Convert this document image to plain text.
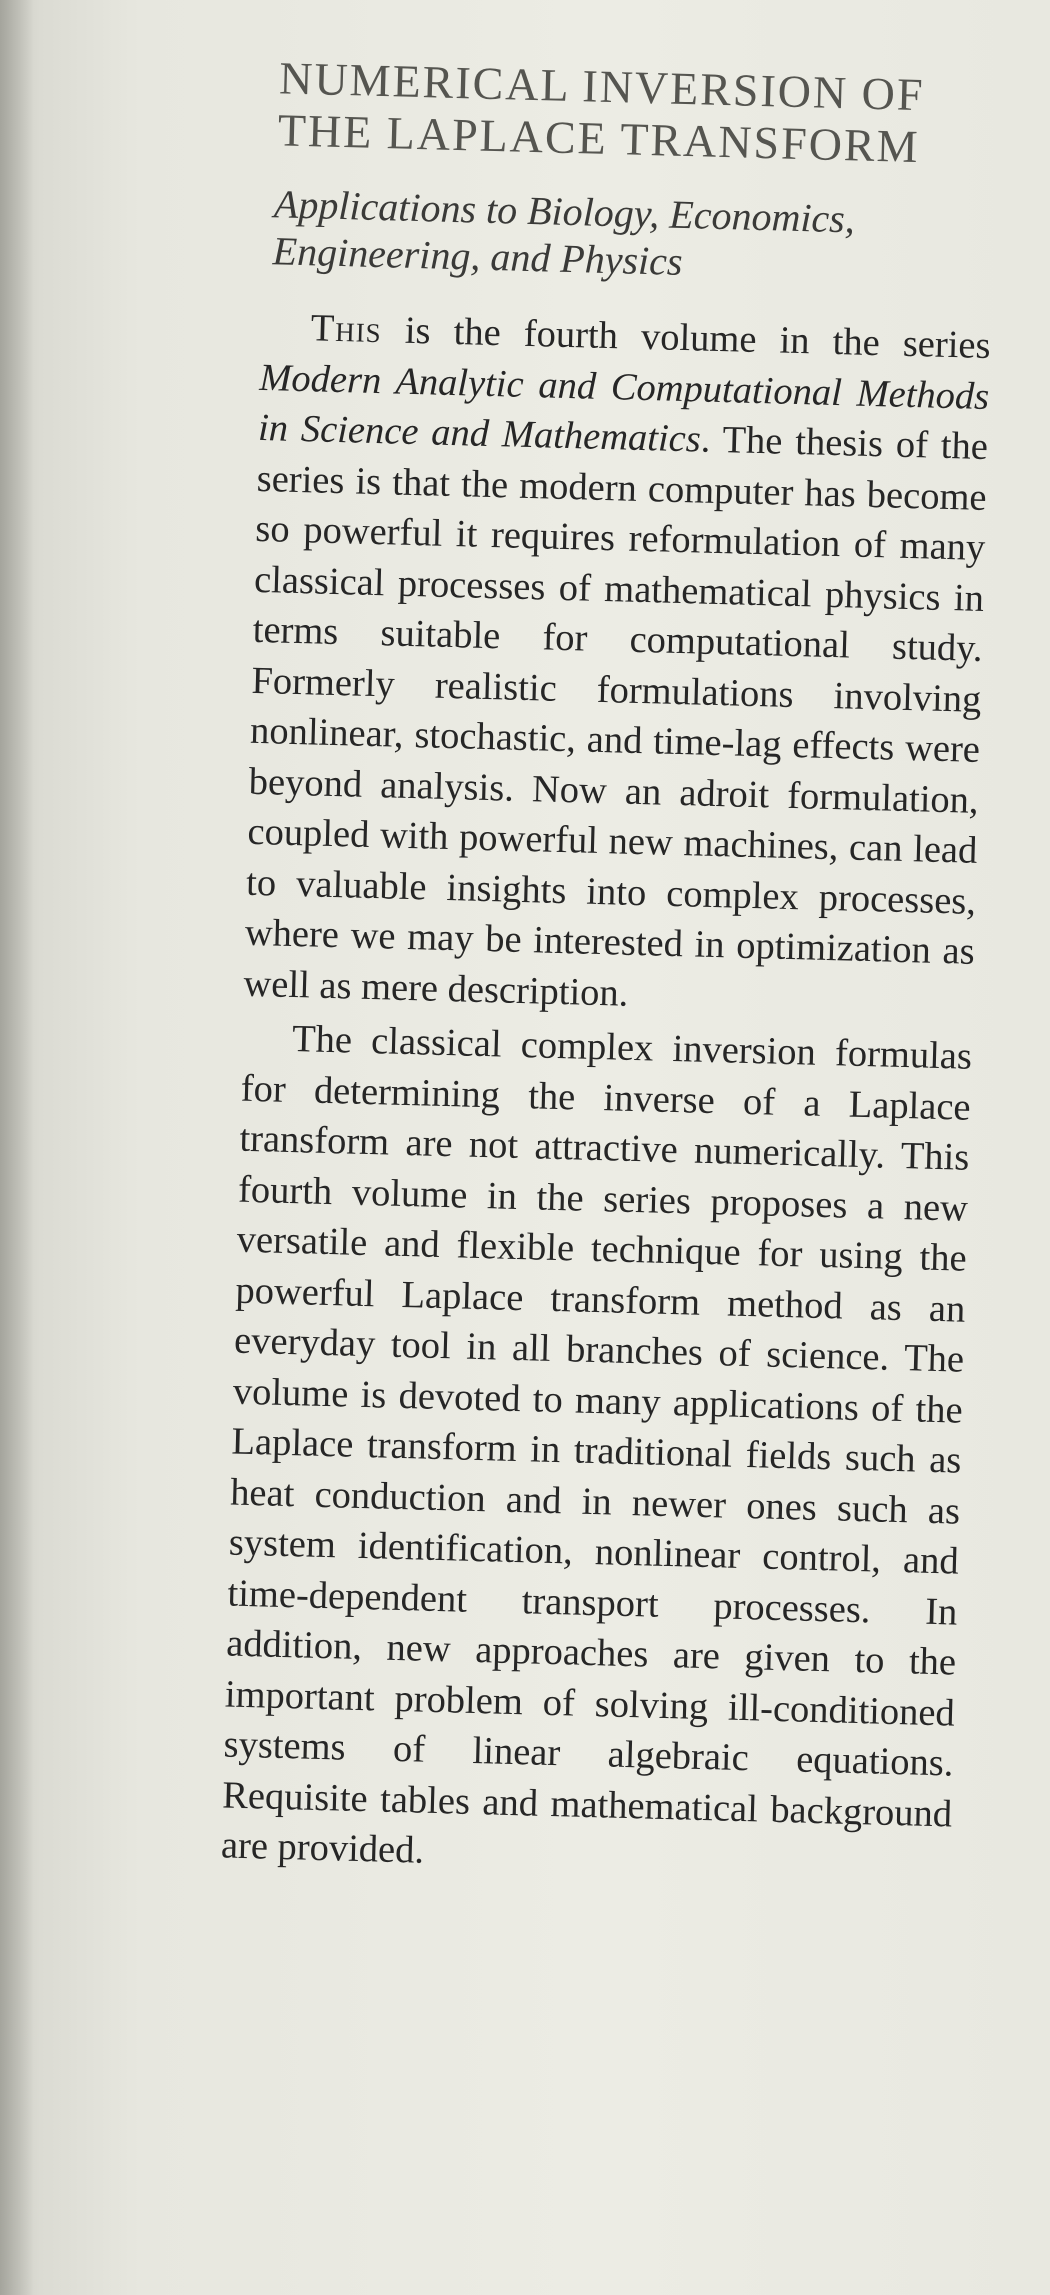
NUMERICAL INVERSION OF
THE LAPLACE TRANSFORM
Applications to Biology, Economics,
Engineering, and Physics

This is the fourth volume in the series Modern Analytic and Computational Methods in Science and Mathematics. The thesis of the series is that the modern computer has become so powerful it requires reformulation of many classical processes of mathematical physics in terms suitable for computational study. Formerly realistic formulations involving nonlinear, stochastic, and time-lag effects were beyond analysis. Now an adroit formulation, coupled with powerful new machines, can lead to valuable insights into complex processes, where we may be interested in optimization as well as mere description.

The classical complex inversion formulas for determining the inverse of a Laplace transform are not attractive numerically. This fourth volume in the series proposes a new versatile and flexible technique for using the powerful Laplace transform method as an everyday tool in all branches of science. The volume is devoted to many applications of the Laplace transform in traditional fields such as heat conduction and in newer ones such as system identification, nonlinear control, and time-dependent transport processes. In addition, new approaches are given to the important problem of solving ill-conditioned systems of linear algebraic equations. Requisite tables and mathematical background are provided.
